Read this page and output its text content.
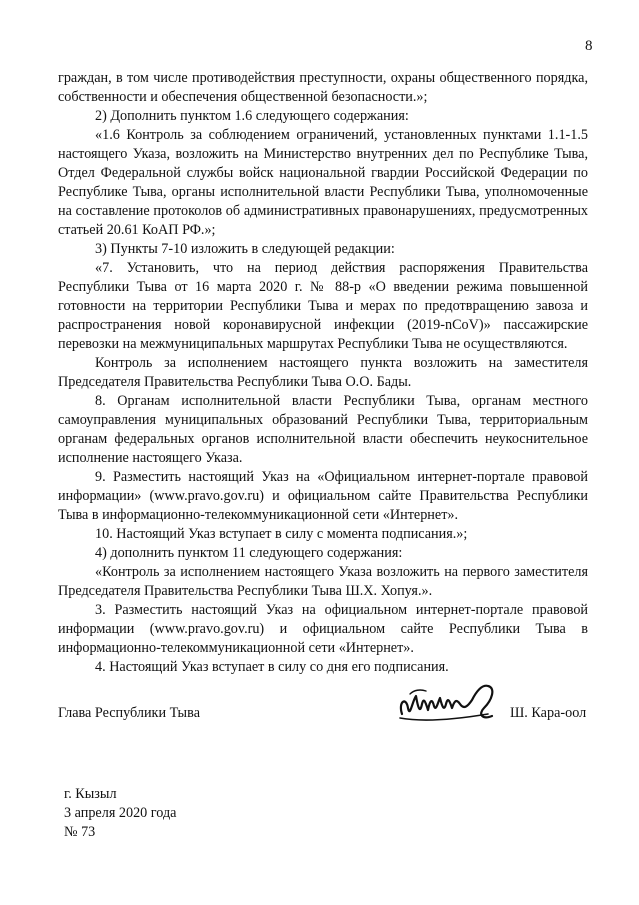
8

граждан, в том числе противодействия преступности, охраны общественного порядка, собственности и обеспечения общественной безопасности.»;

2) Дополнить пунктом 1.6 следующего содержания:

«1.6 Контроль за соблюдением ограничений, установленных пунктами 1.1-1.5 настоящего Указа, возложить на Министерство внутренних дел по Республике Тыва, Отдел Федеральной службы войск национальной гвардии Российской Федерации по Республике Тыва, органы исполнительной власти Республики Тыва, уполномоченные на составление протоколов об административных правонарушениях, предусмотренных статьей 20.61 КоАП РФ.»;

3) Пункты 7-10 изложить в следующей редакции:

«7. Установить, что на период действия распоряжения Правительства Республики Тыва от 16 марта 2020 г. № 88-р «О введении режима повышенной готовности на территории Республики Тыва и мерах по предотвращению завоза и распространения новой коронавирусной инфекции (2019-nCoV)» пассажирские перевозки на межмуниципальных маршрутах Республики Тыва не осуществляются.

Контроль за исполнением настоящего пункта возложить на заместителя Председателя Правительства Республики Тыва О.О. Бады.

8. Органам исполнительной власти Республики Тыва, органам местного самоуправления муниципальных образований Республики Тыва, территориальным органам федеральных органов исполнительной власти обеспечить неукоснительное исполнение настоящего Указа.

9. Разместить настоящий Указ на «Официальном интернет-портале правовой информации» (www.pravo.gov.ru) и официальном сайте Правительства Республики Тыва в информационно-телекоммуникационной сети «Интернет».

10. Настоящий Указ вступает в силу с момента подписания.»;

4) дополнить пунктом 11 следующего содержания:

«Контроль за исполнением настоящего Указа возложить на первого заместителя Председателя Правительства Республики Тыва Ш.Х. Хопуя.».

3. Разместить настоящий Указ на официальном интернет-портале правовой информации (www.pravo.gov.ru) и официальном сайте Республики Тыва в информационно-телекоммуникационной сети «Интернет».

4. Настоящий Указ вступает в силу со дня его подписания.

Глава Республики Тывa	Ш. Кара-оол
г. Кызыл
3 апреля 2020 года
№ 73
